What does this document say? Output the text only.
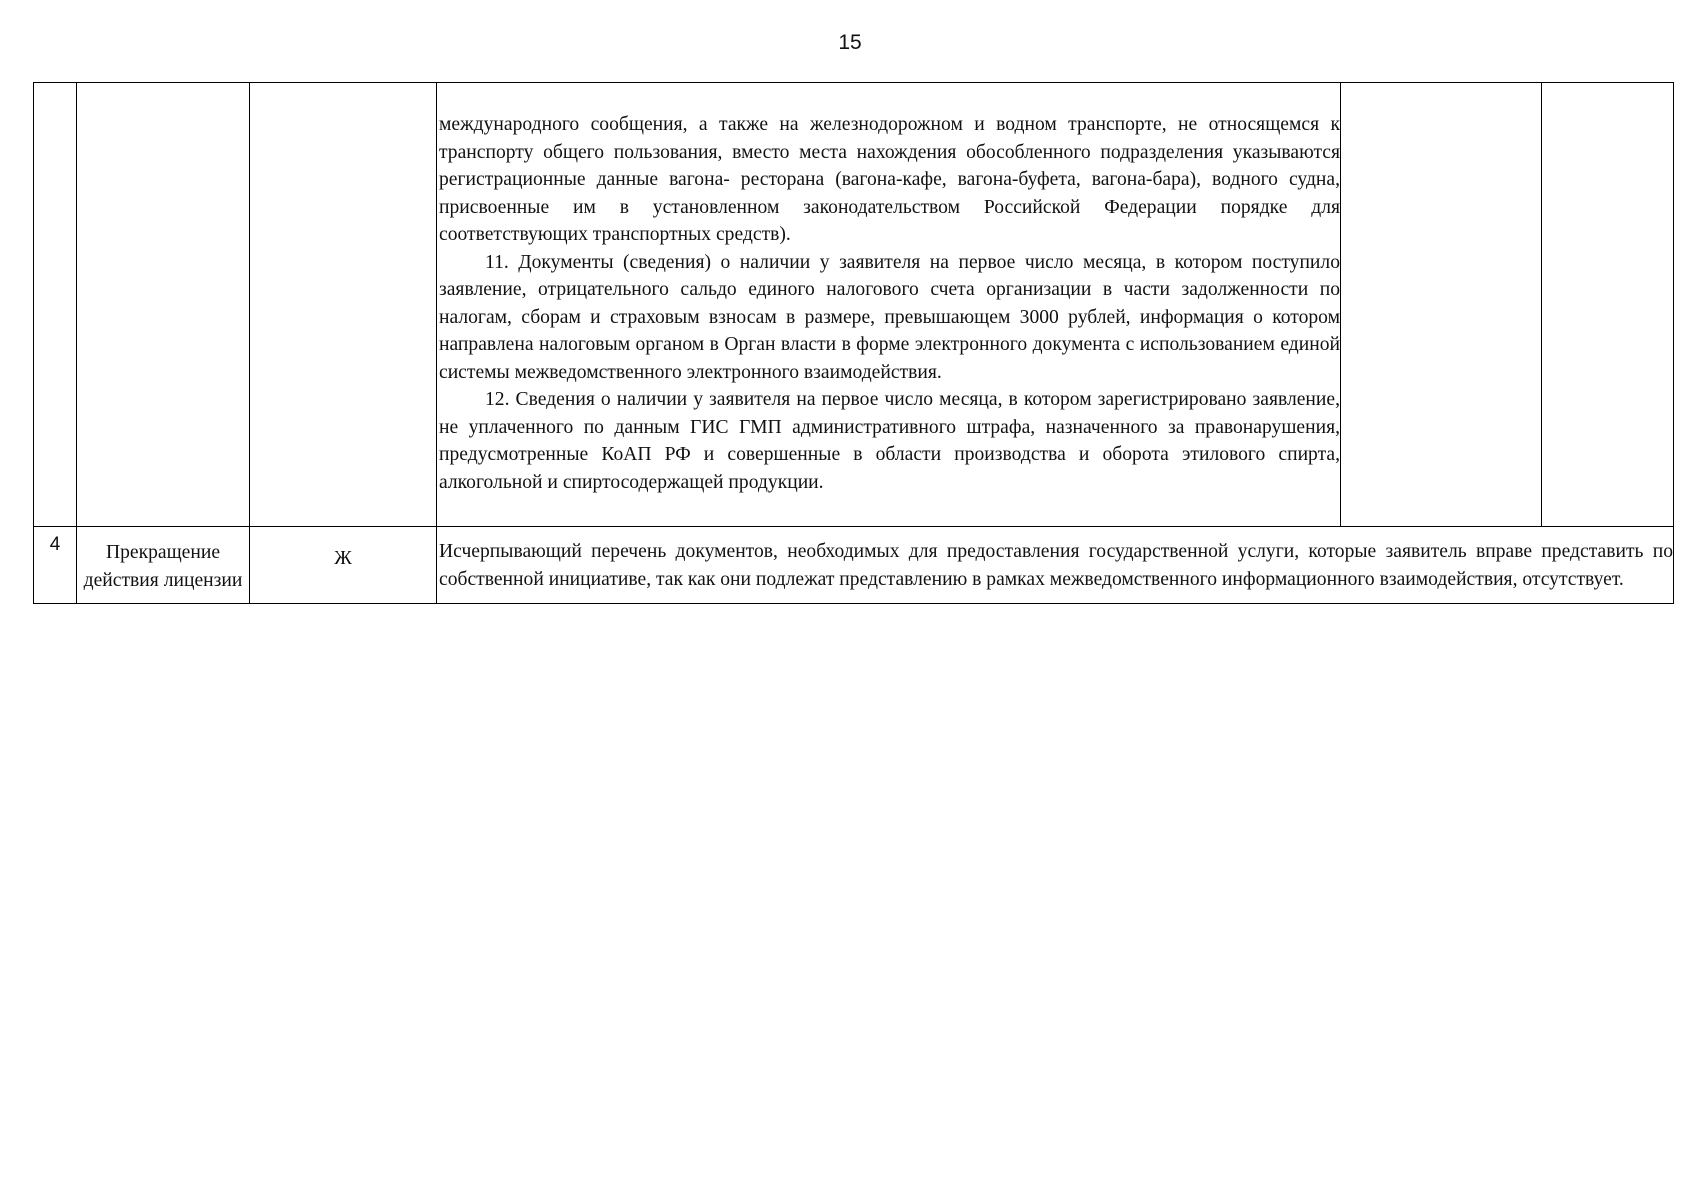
15

			международного сообщения, а также на железнодорожном и водном транспорте, не относящемся к транспорту общего пользования, вместо места нахождения обособленного подразделения указываются регистрационные данные вагона- ресторана (вагона-кафе, вагона-буфета, вагона-бара), водного судна, присвоенные им в установленном законодательством Российской Федерации порядке для соответствующих транспортных средств).

11. Документы (сведения) о наличии у заявителя на первое число месяца, в котором поступило заявление, отрицательного сальдо единого налогового счета организации в части задолженности по налогам, сборам и страховым взносам в размере, превышающем 3000 рублей, информация о котором направлена налоговым органом в Орган власти в форме электронного документа с использованием единой системы межведомственного электронного взаимодействия.

12. Сведения о наличии у заявителя на первое число месяца, в котором зарегистрировано заявление, не уплаченного по данным ГИС ГМП административного штрафа, назначенного за правонарушения, предусмотренные КоАП РФ и совершенные в области производства и оборота этилового спирта, алкогольной и спиртосодержащей продукции.		

4	Прекращение действия лицензии	Ж	Исчерпывающий перечень документов, необходимых для предоставления государственной услуги, которые заявитель вправе представить по собственной инициативе, так как они подлежат представлению в рамках межведомственного информационного взаимодействия, отсутствует.		
